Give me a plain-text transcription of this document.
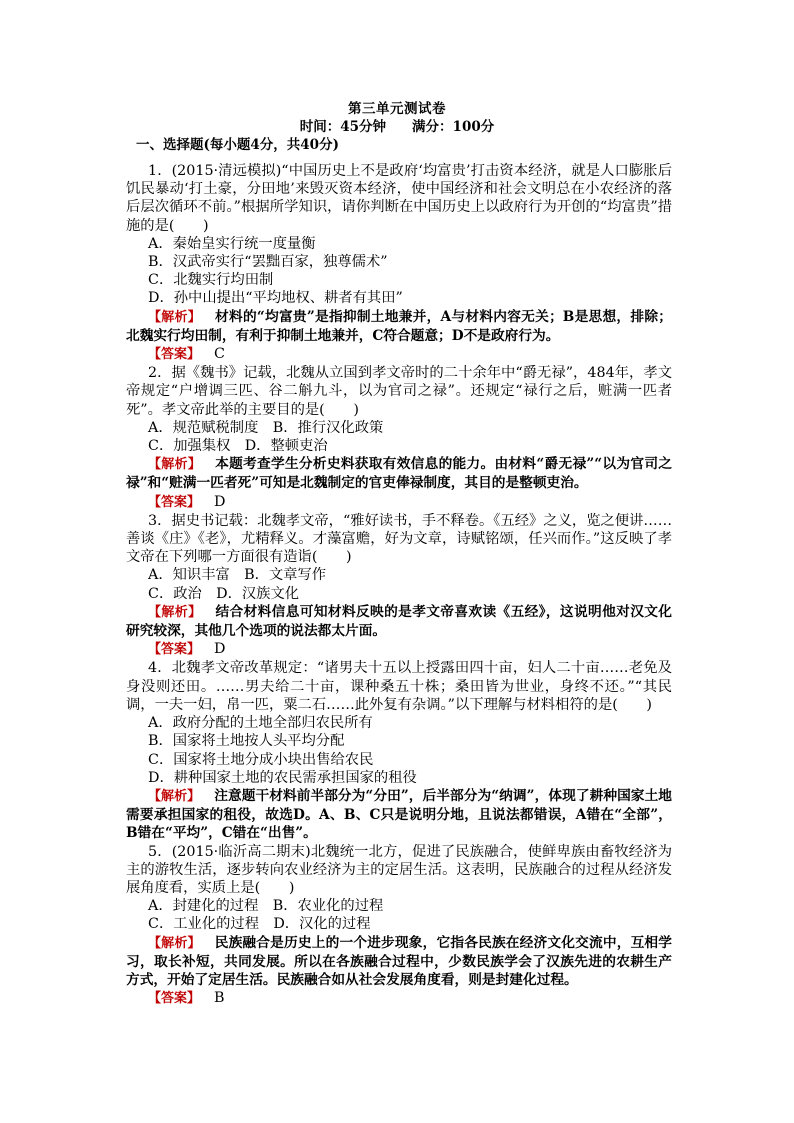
第三单元测试卷
时间：45分钟 满分：100分
一、选择题(每小题4分，共40分)

1．(2015·清远模拟)“中国历史上不是政府‘均富贵’打击资本经济，就是人口膨胀后饥民暴动‘打土豪，分田地’来毁灭资本经济，使中国经济和社会文明总在小农经济的落后层次循环不前。”根据所学知识，请你判断在中国历史上以政府行为开创的“均富贵”措施的是(　　)

A．秦始皇实行统一度量衡

B．汉武帝实行“罢黜百家，独尊儒术”

C．北魏实行均田制

D．孙中山提出“平均地权、耕者有其田”

【解析】 材料的“均富贵”是指抑制土地兼并，A与材料内容无关；B是思想，排除；北魏实行均田制，有利于抑制土地兼并，C符合题意；D不是政府行为。

【答案】 C

2．据《魏书》记载，北魏从立国到孝文帝时的二十余年中“爵无禄”，484年，孝文帝规定“户增调三匹、谷二斛九斗，以为官司之禄”。还规定“禄行之后，赃满一匹者死”。孝文帝此举的主要目的是(　　)

A．规范赋税制度　B．推行汉化政策

C．加强集权　D．整顿吏治

【解析】 本题考查学生分析史料获取有效信息的能力。由材料“爵无禄”“以为官司之禄”和“赃满一匹者死”可知是北魏制定的官吏俸禄制度，其目的是整顿吏治。

【答案】 D

3．据史书记载：北魏孝文帝，“雅好读书，手不释卷。《五经》之义，览之便讲……善谈《庄》《老》，尤精释义。才藻富赡，好为文章，诗赋铭颂，任兴而作。”这反映了孝文帝在下列哪一方面很有造诣(　　)

A．知识丰富　B．文章写作

C．政治　D．汉族文化

【解析】 结合材料信息可知材料反映的是孝文帝喜欢读《五经》，这说明他对汉文化研究较深，其他几个选项的说法都太片面。

【答案】 D

4．北魏孝文帝改革规定：“诸男夫十五以上授露田四十亩，妇人二十亩……老免及身没则还田。……男夫给二十亩，课种桑五十株；桑田皆为世业，身终不还。”“其民调，一夫一妇，帛一匹，粟二石……此外复有杂调。”以下理解与材料相符的是(　　)

A．政府分配的土地全部归农民所有

B．国家将土地按人头平均分配

C．国家将土地分成小块出售给农民

D．耕种国家土地的农民需承担国家的租役

【解析】 注意题干材料前半部分为“分田”，后半部分为“纳调”，体现了耕种国家土地需要承担国家的租役，故选D。A、B、C只是说明分地，且说法都错误，A错在“全部”，B错在“平均”，C错在“出售”。

5．(2015·临沂高二期末)北魏统一北方，促进了民族融合，使鲜卑族由畜牧经济为主的游牧生活，逐步转向农业经济为主的定居生活。这表明，民族融合的过程从经济发展角度看，实质上是(　　)

A．封建化的过程　B．农业化的过程

C．工业化的过程　D．汉化的过程

【解析】 民族融合是历史上的一个进步现象，它指各民族在经济文化交流中，互相学习，取长补短，共同发展。所以在各族融合过程中，少数民族学会了汉族先进的农耕生产方式，开始了定居生活。民族融合如从社会发展角度看，则是封建化过程。

【答案】 B
